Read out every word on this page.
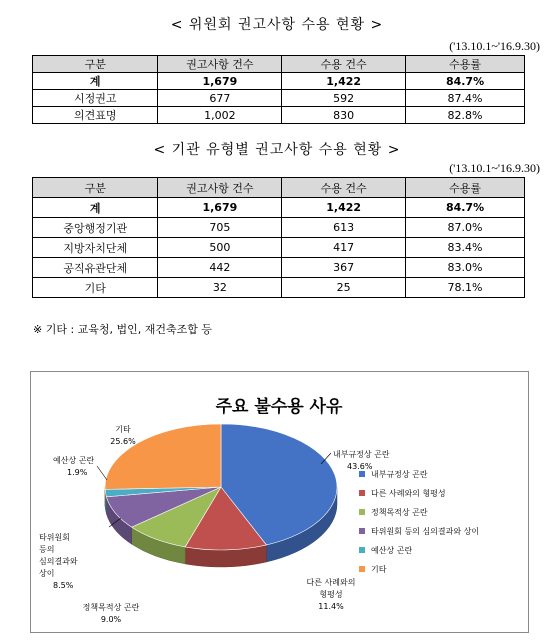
< 위원회 권고사항 수용 현황 >
('13.10.1~'16.9.30)
구분	권고사항 건수	수용 건수	수용률
계	1,679	1,422	84.7%
시정권고	677	592	87.4%
의견표명	1,002	830	82.8%
< 기관 유형별 권고사항 수용 현황 >
('13.10.1~'16.9.30)
구분	권고사항 건수	수용 건수	수용률
계	1,679	1,422	84.7%
중앙행정기관	705	613	87.0%
지방자치단체	500	417	83.4%
공직유관단체	442	367	83.0%
기타	32	25	78.1%
※ 기타 : 교육청, 법인, 재건축조합 등
주요 불수용 사유
내부규정상 곤란
43.6%
다른 사례와의
형평성
11.4%
정책목적상 곤란
9.0%
타위원회
등의
심의결과와
상이
8.5%
예산상 곤란
1.9%
기타
25.6%
내부규정상 곤란
다른 사례와의 형평성
정책목적상 곤란
타위원회 등의 심의결과와 상이
예산상 곤란
기타
